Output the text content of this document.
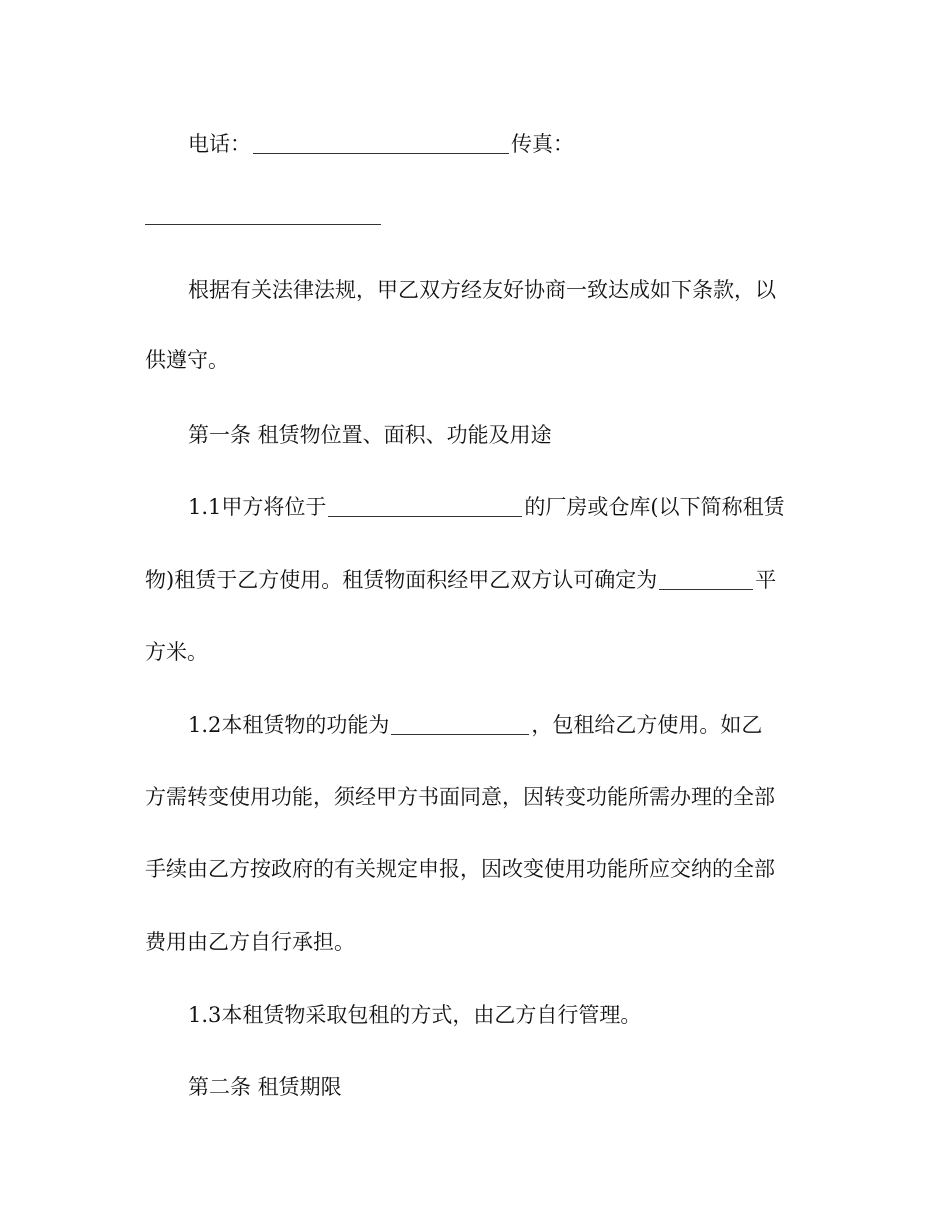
电话：	传真：
根据有关法律法规，甲乙双方经友好协商一致达成如下条款，以
供遵守。
第一条 租赁物位置、面积、功能及用途
1.1甲方将位于	的厂房或仓库(以下简称租赁
物)租赁于乙方使用。租赁物面积经甲乙双方认可确定为	平
方米。
1.2本租赁物的功能为	，包租给乙方使用。如乙
方需转变使用功能，须经甲方书面同意，因转变功能所需办理的全部
手续由乙方按政府的有关规定申报，因改变使用功能所应交纳的全部
费用由乙方自行承担。
1.3本租赁物采取包租的方式，由乙方自行管理。
第二条 租赁期限
